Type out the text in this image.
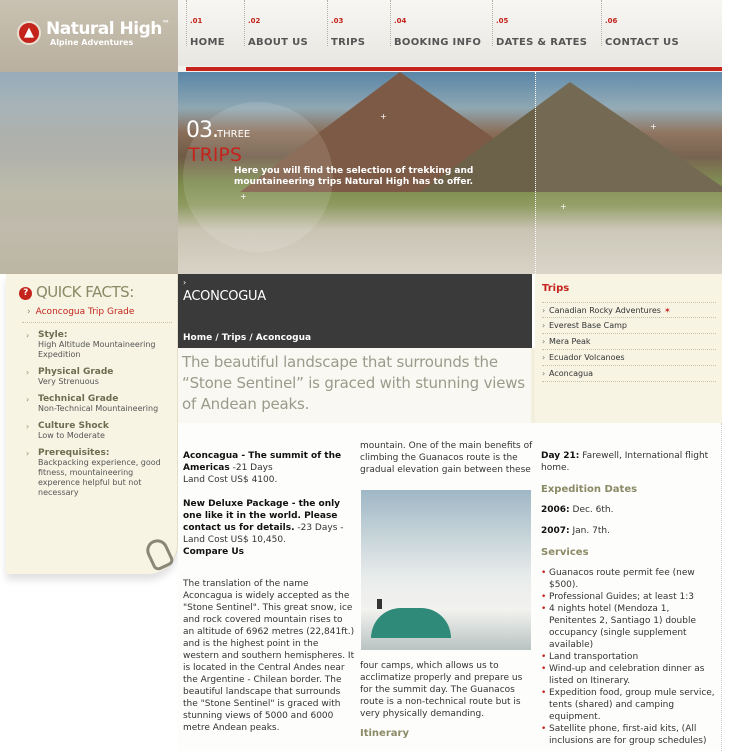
▲ Natural High™
Alpine Adventures
.01
HOME
.02
ABOUT US
.03
TRIPS
.04
BOOKING INFO
.05
DATES & RATES
.06
CONTACT US
+
+
+
+
03. THREE
TRIPS
Here you will find the selection of trekking and mountaineering trips Natural High has to offer.
? QUICK FACTS:
› Aconcogua Trip Grade
› Style:
High Altitude Mountaineering Expedition
› Physical Grade
Very Strenuous
› Technical Grade
Non-Technical Mountaineering
› Culture Shock
Low to Moderate
› Prerequisites:
Backpacking experience, good fitness, mountaineering experence helpful but not necessary
›
ACONCOGUA
Home / Trips / Aconcogua

The beautiful landscape that surrounds the “Stone Sentinel” is graced with stunning views of Andean peaks.

Aconcagua - The summit of the Americas -21 Days
Land Cost US$ 4100.
New Deluxe Package - the only one like it in the world. Please contact us for details. -23 Days - Land Cost US$ 10,450.
Compare Us
The translation of the name Aconcagua is widely accepted as the "Stone Sentinel". This great snow, ice and rock covered mountain rises to an altitude of 6962 metres (22,841ft.) and is the highest point in the western and southern hemispheres. It is located in the Central Andes near the Argentine - Chilean border. The beautiful landscape that surrounds the "Stone Sentinel" is graced with stunning views of 5000 and 6000 metre Andean peaks.
mountain. One of the main benefits of climbing the Guanacos route is the gradual elevation gain between these
four camps, which allows us to acclimatize properly and prepare us for the summit day. The Guanacos route is a non-technical route but is very physically demanding.
Itinerary
Day 21: Farewell, International flight home.
Expedition Dates
2006: Dec. 6th.
2007: Jan. 7th.
Services
• Guanacos route permit fee (new $500).
• Professional Guides; at least 1:3
• 4 nights hotel (Mendoza 1, Penitentes 2, Santiago 1) double occupancy (single supplement available)
• Land transportation
• Wind-up and celebration dinner as listed on Itinerary.
• Expedition food, group mule service, tents (shared) and camping equipment.
• Satellite phone, first-aid kits, (All inclusions are for group schedules)
Trips
› Canadian Rocky Adventures ✶
› Everest Base Camp
› Mera Peak
› Ecuador Volcanoes
› Aconcagua
